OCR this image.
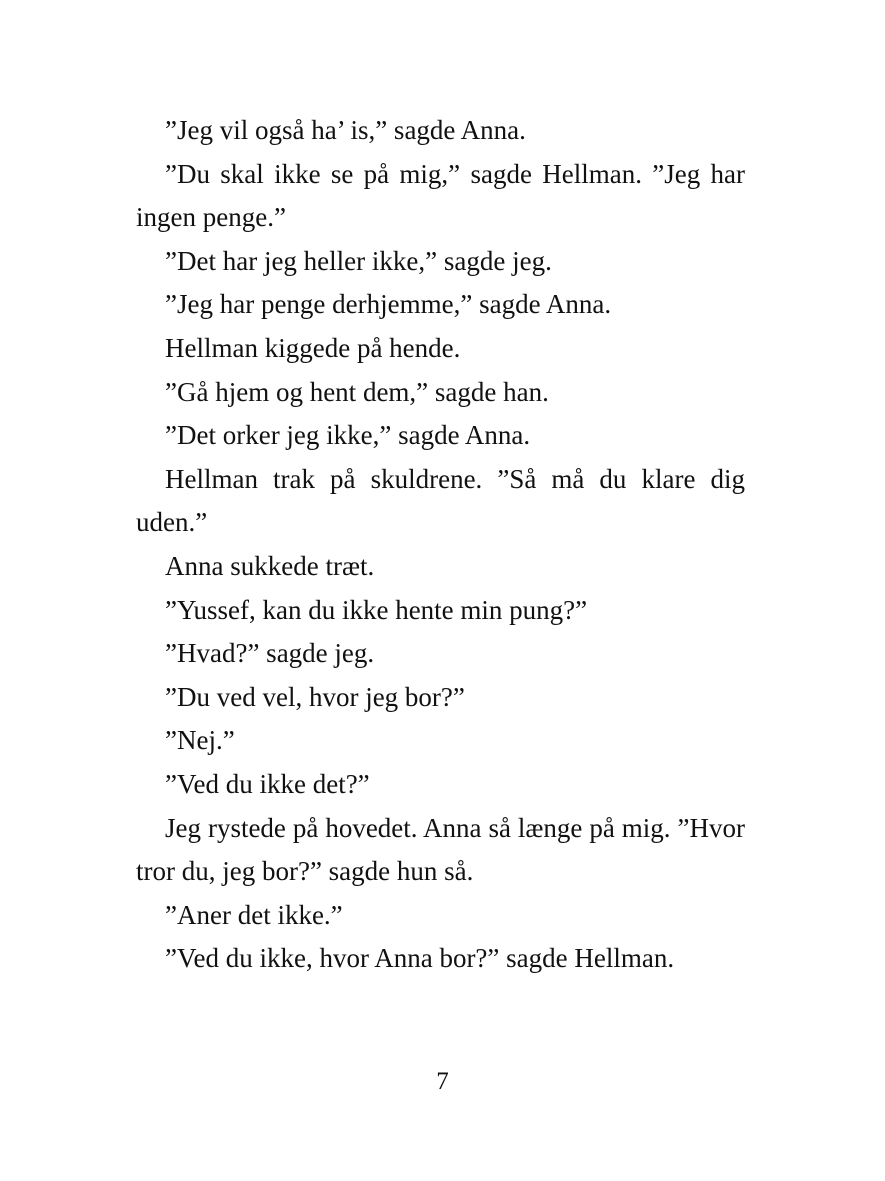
”Jeg vil også ha’ is,” sagde Anna.

”Du skal ikke se på mig,” sagde Hellman. ”Jeg har ingen penge.”

”Det har jeg heller ikke,” sagde jeg.

”Jeg har penge derhjemme,” sagde Anna.

Hellman kiggede på hende.

”Gå hjem og hent dem,” sagde han.

”Det orker jeg ikke,” sagde Anna.

Hellman trak på skuldrene. ”Så må du klare dig uden.”

Anna sukkede træt.

”Yussef, kan du ikke hente min pung?”

”Hvad?” sagde jeg.

”Du ved vel, hvor jeg bor?”

”Nej.”

”Ved du ikke det?”

Jeg rystede på hovedet. Anna så længe på mig. ”Hvor tror du, jeg bor?” sagde hun så.

”Aner det ikke.”

”Ved du ikke, hvor Anna bor?” sagde Hellman.

7
